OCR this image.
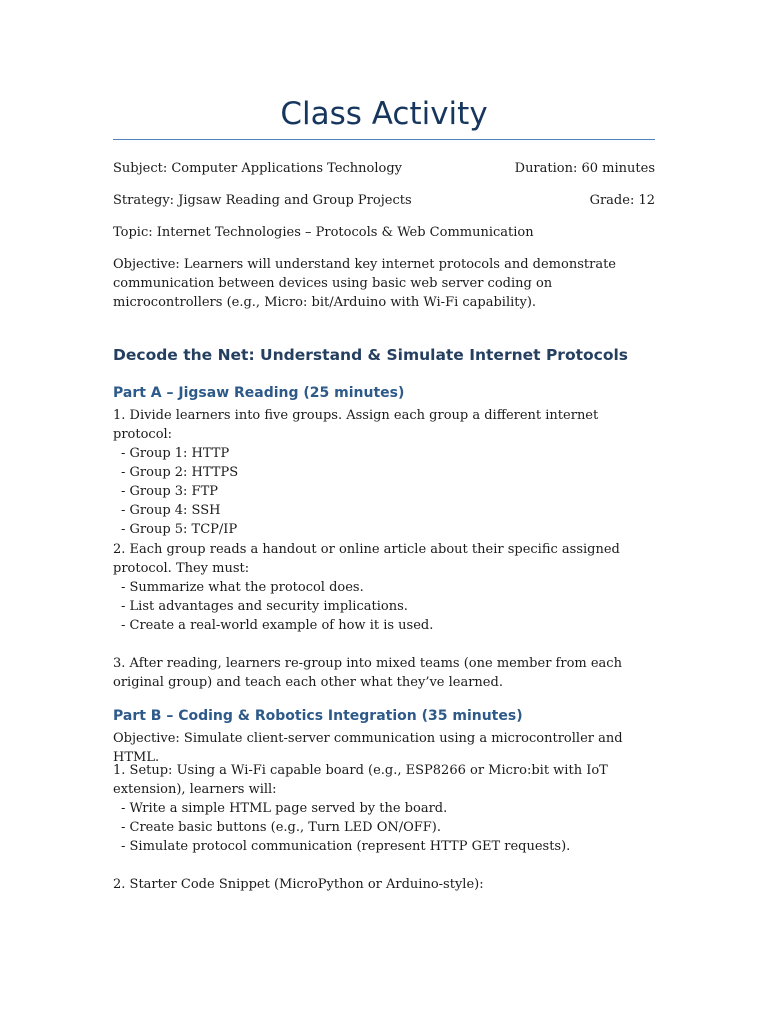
Class Activity

Subject: Computer Applications Technology	Duration: 60 minutes

Strategy: Jigsaw Reading and Group Projects	Grade: 12

Topic: Internet Technologies – Protocols & Web Communication

Objective: Learners will understand key internet protocols and demonstrate communication between devices using basic web server coding on microcontrollers (e.g., Micro: bit/Arduino with Wi-Fi capability).

Decode the Net: Understand & Simulate Internet Protocols
Part A – Jigsaw Reading (25 minutes)

1. Divide learners into five groups. Assign each group a different internet protocol:

- Group 1: HTTP

- Group 2: HTTPS

- Group 3: FTP

- Group 4: SSH

- Group 5: TCP/IP

2. Each group reads a handout or online article about their specific assigned protocol. They must:

- Summarize what the protocol does.

- List advantages and security implications.

- Create a real-world example of how it is used.

3. After reading, learners re-group into mixed teams (one member from each original group) and teach each other what they’ve learned.

Part B – Coding & Robotics Integration (35 minutes)

Objective: Simulate client-server communication using a microcontroller and HTML.

1. Setup: Using a Wi-Fi capable board (e.g., ESP8266 or Micro:bit with IoT extension), learners will:

- Write a simple HTML page served by the board.

- Create basic buttons (e.g., Turn LED ON/OFF).

- Simulate protocol communication (represent HTTP GET requests).

2. Starter Code Snippet (MicroPython or Arduino-style):
